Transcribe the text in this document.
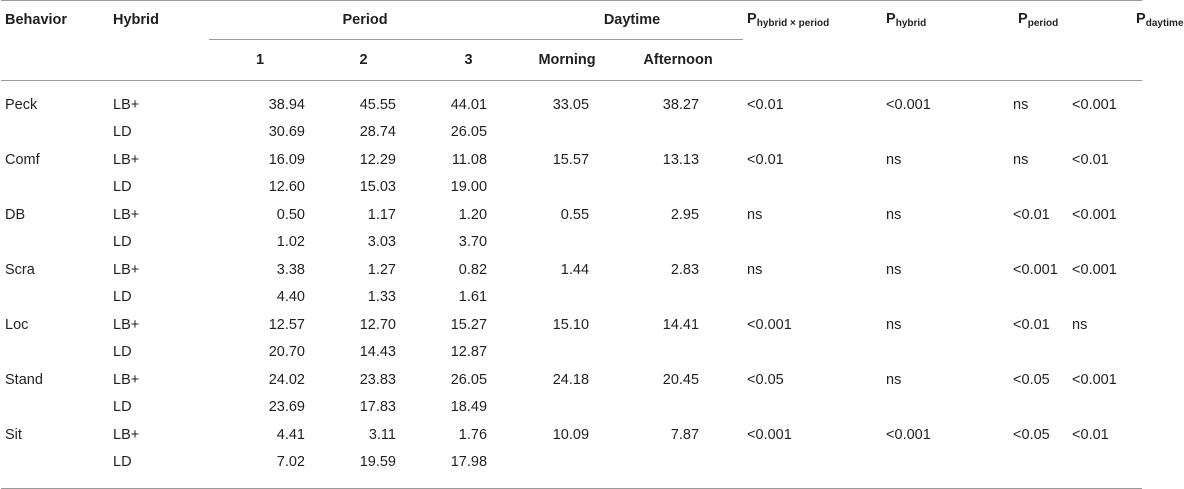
Behavior	Hybrid	Period	Daytime	$P_{hybrid \times period}$	$P_{hybrid}$	$P_{period}$	$P_{daytime}$
		1	2	3	Morning	Afternoon				

Peck	LB+	38.94	45.55	44.01	33.05	38.27	<0.01	<0.001	ns	<0.001
	LD	30.69	28.74	26.05						
Comf	LB+	16.09	12.29	11.08	15.57	13.13	<0.01	ns	ns	<0.01
	LD	12.60	15.03	19.00						
DB	LB+	0.50	1.17	1.20	0.55	2.95	ns	ns	<0.01	<0.001
	LD	1.02	3.03	3.70						
Scra	LB+	3.38	1.27	0.82	1.44	2.83	ns	ns	<0.001	<0.001
	LD	4.40	1.33	1.61						
Loc	LB+	12.57	12.70	15.27	15.10	14.41	<0.001	ns	<0.01	ns
	LD	20.70	14.43	12.87						
Stand	LB+	24.02	23.83	26.05	24.18	20.45	<0.05	ns	<0.05	<0.001
	LD	23.69	17.83	18.49						
Sit	LB+	4.41	3.11	1.76	10.09	7.87	<0.001	<0.001	<0.05	<0.01
	LD	7.02	19.59	17.98						
